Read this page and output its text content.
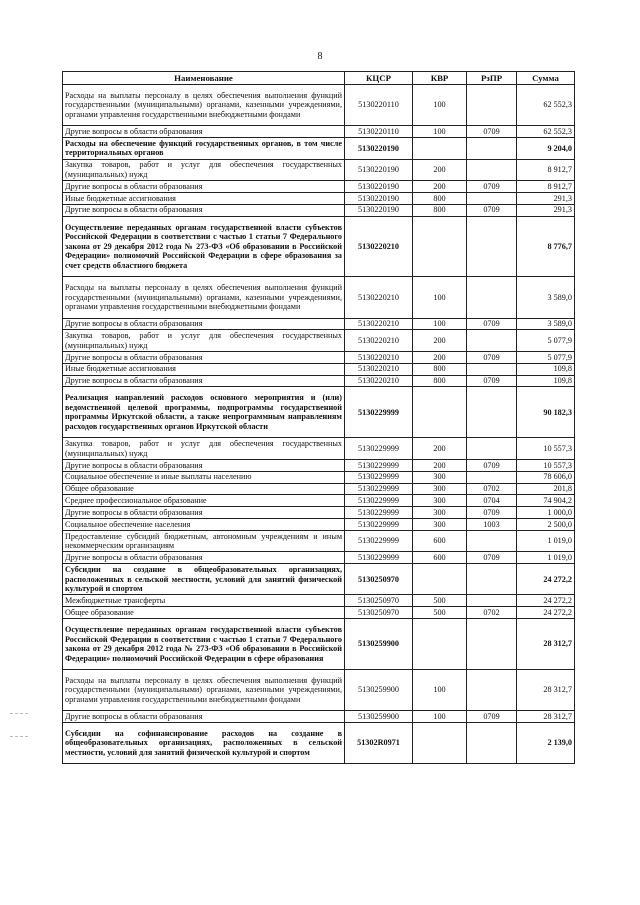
8
Наименование	КЦСР	КВР	РзПР	Сумма
Расходы на выплаты персоналу в целях обеспечения выполнения функций государственными (муниципальными) органами, казенными учреждениями, органами управления государственными внебюджетными фондами	5130220110	100		62 552,3
Другие вопросы в области образования	5130220110	100	0709	62 552,3
Расходы на обеспечение функций государственных органов, в том числе территориальных органов	5130220190			9 204,0
Закупка товаров, работ и услуг для обеспечения государственных (муниципальных) нужд	5130220190	200		8 912,7
Другие вопросы в области образования	5130220190	200	0709	8 912,7
Иные бюджетные ассигнования	5130220190	800		291,3
Другие вопросы в области образования	5130220190	800	0709	291,3
Осуществление переданных органам государственной власти субъектов Российской Федерации в соответствии с частью 1 статьи 7 Федерального закона от 29 декабря 2012 года № 273-ФЗ «Об образовании в Российской Федерации» полномочий Российской Федерации в сфере образования за счет средств областного бюджета	5130220210			8 776,7
Расходы на выплаты персоналу в целях обеспечения выполнения функций государственными (муниципальными) органами, казенными учреждениями, органами управления государственными внебюджетными фондами	5130220210	100		3 589,0
Другие вопросы в области образования	5130220210	100	0709	3 589,0
Закупка товаров, работ и услуг для обеспечения государственных (муниципальных) нужд	5130220210	200		5 077,9
Другие вопросы в области образования	5130220210	200	0709	5 077,9
Иные бюджетные ассигнования	5130220210	800		109,8
Другие вопросы в области образования	5130220210	800	0709	109,8
Реализация направлений расходов основного мероприятия и (или) ведомственной целевой программы, подпрограммы государственной программы Иркутской области, а также непрограммным направлениям расходов государственных органов Иркутской области	5130229999			90 182,3
Закупка товаров, работ и услуг для обеспечения государственных (муниципальных) нужд	5130229999	200		10 557,3
Другие вопросы в области образования	5130229999	200	0709	10 557,3
Социальное обеспечение и иные выплаты населению	5130229999	300		78 606,0
Общее образование	5130229999	300	0702	201,8
Среднее профессиональное образование	5130229999	300	0704	74 904,2
Другие вопросы в области образования	5130229999	300	0709	1 000,0
Социальное обеспечение населения	5130229999	300	1003	2 500,0
Предоставление субсидий бюджетным, автономным учреждениям и иным некоммерческим организациям	5130229999	600		1 019,0
Другие вопросы в области образования	5130229999	600	0709	1 019,0
Субсидии на создание в общеобразовательных организациях, расположенных в сельской местности, условий для занятий физической культурой и спортом	5130250970			24 272,2
Межбюджетные трансферты	5130250970	500		24 272,2
Общее образование	5130250970	500	0702	24 272,2
Осуществление переданных органам государственной власти субъектов Российской Федерации в соответствии с частью 1 статьи 7 Федерального закона от 29 декабря 2012 года № 273-ФЗ «Об образовании в Российской Федерации» полномочий Российской Федерации в сфере образования	5130259900			28 312,7
Расходы на выплаты персоналу в целях обеспечения выполнения функций государственными (муниципальными) органами, казенными учреждениями, органами управления государственными внебюджетными фондами	5130259900	100		28 312,7
Другие вопросы в области образования	5130259900	100	0709	28 312,7
Субсидии на софинансирование расходов на создание в общеобразовательных организациях, расположенных в сельской местности, условий для занятий физической культурой и спортом	51302R0971			2 139,0
